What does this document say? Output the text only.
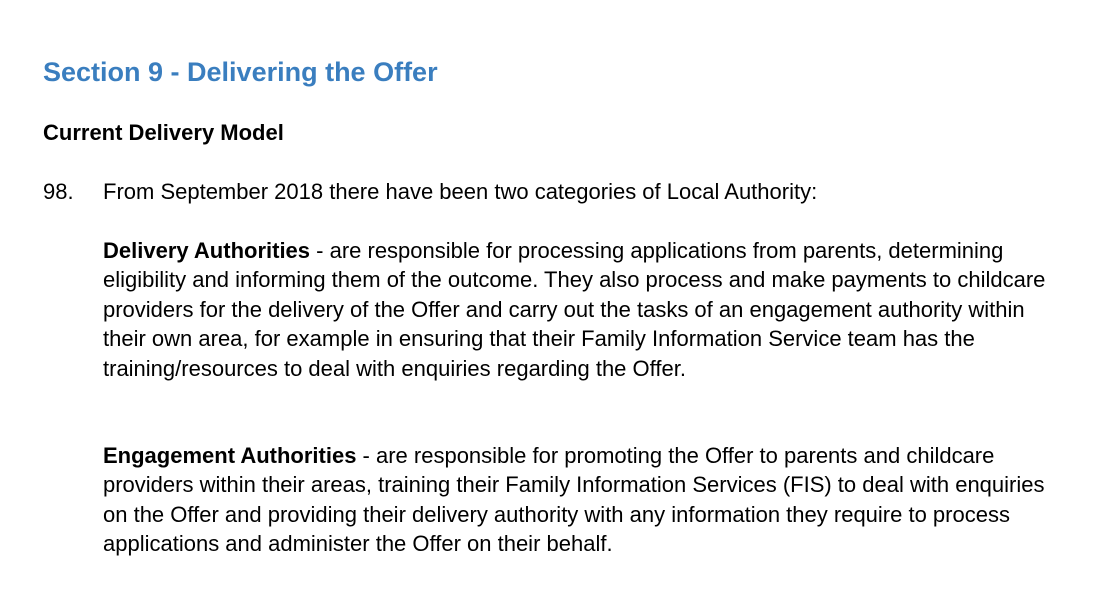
Section 9 - Delivering the Offer
Current Delivery Model
98. From September 2018 there have been two categories of Local Authority:

Delivery Authorities - are responsible for processing applications from parents, determining eligibility and informing them of the outcome. They also process and make payments to childcare providers for the delivery of the Offer and carry out the tasks of an engagement authority within their own area, for example in ensuring that their Family Information Service team has the training/resources to deal with enquiries regarding the Offer.

Engagement Authorities - are responsible for promoting the Offer to parents and childcare providers within their areas, training their Family Information Services (FIS) to deal with enquiries on the Offer and providing their delivery authority with any information they require to process applications and administer the Offer on their behalf.
